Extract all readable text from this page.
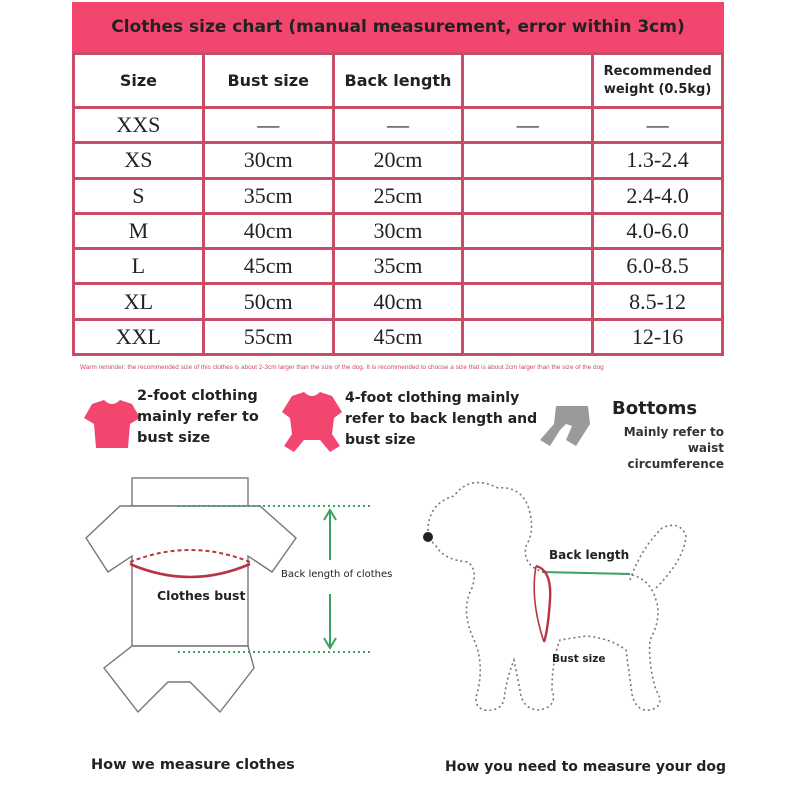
Clothes size chart (manual measurement, error within 3cm)
Size	Bust size	Back length		Recommended
weight (0.5kg)

XXS	—	—	—	—
XS	30cm	20cm		1.3-2.4
S	35cm	25cm		2.4-4.0
M	40cm	30cm		4.0-6.0
L	45cm	35cm		6.0-8.5
XL	50cm	40cm		8.5-12
XXL	55cm	45cm		12-16
Warm reminder: the recommended size of this clothes is about 2-3cm larger than the size of the dog. It is recommended to choose a size that is about 2cm larger than the size of the dog
2-foot clothing
mainly refer to
bust size
4-foot clothing mainly
refer to back length and
bust size
Bottoms
Mainly refer to waist
circumference
Clothes bust
Back length of clothes
Back length
Bust size
How we measure clothes	How you need to measure your dog
